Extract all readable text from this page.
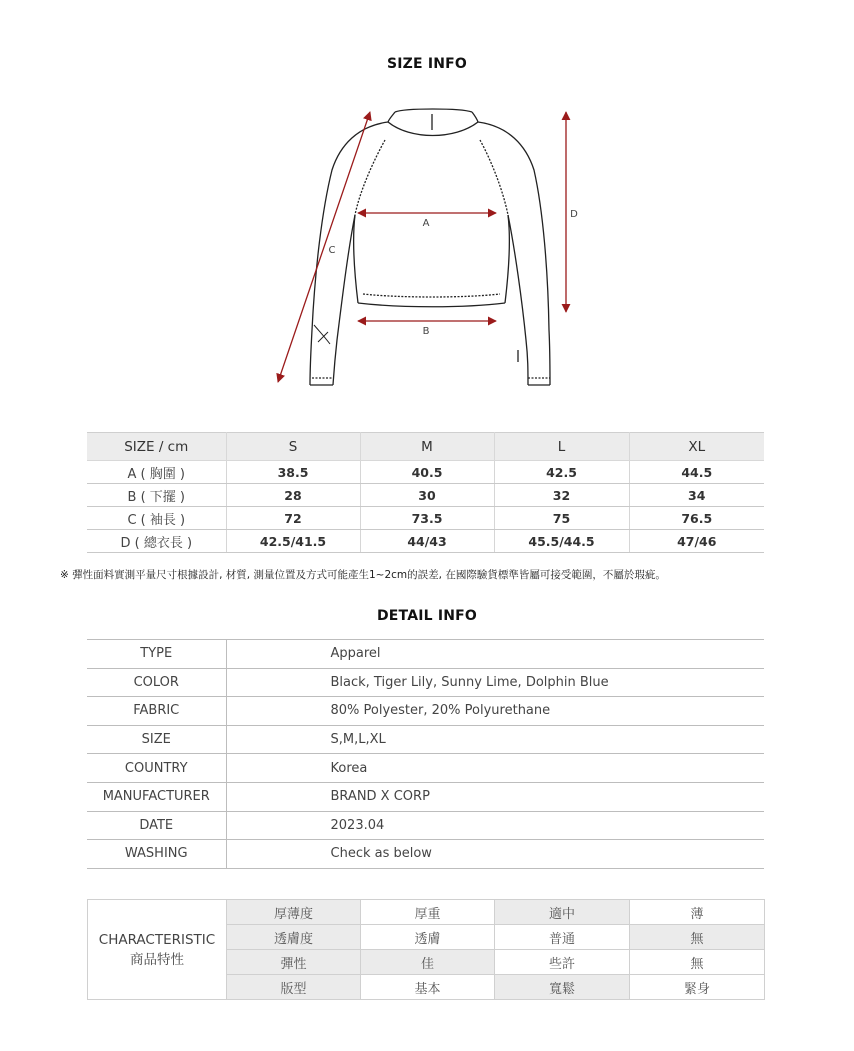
SIZE INFO
A
B
C
D
SIZE / cm	S	M	L	XL
A ( 胸圍 )	38.5	40.5	42.5	44.5
B ( 下擺 )	28	30	32	34
C ( 袖長 )	72	73.5	75	76.5
D ( 總衣長 )	42.5/41.5	44/43	45.5/44.5	47/46
※ 彈性面料實測平量尺寸根據設計, 材質, 測量位置及方式可能產生1~2cm的誤差, 在國際驗貨標準皆屬可接受範圍，不屬於瑕疵。
DETAIL INFO
TYPE	Apparel
COLOR	Black, Tiger Lily, Sunny Lime, Dolphin Blue
FABRIC	80% Polyester, 20% Polyurethane
SIZE	S,M,L,XL
COUNTRY	Korea
MANUFACTURER	BRAND X CORP
DATE	2023.04
WASHING	Check as below
CHARACTERISTIC
商品特性	厚薄度	厚重	適中	薄
	透膚度	透膚	普通	無
	彈性	佳	些許	無
	版型	基本	寬鬆	緊身
